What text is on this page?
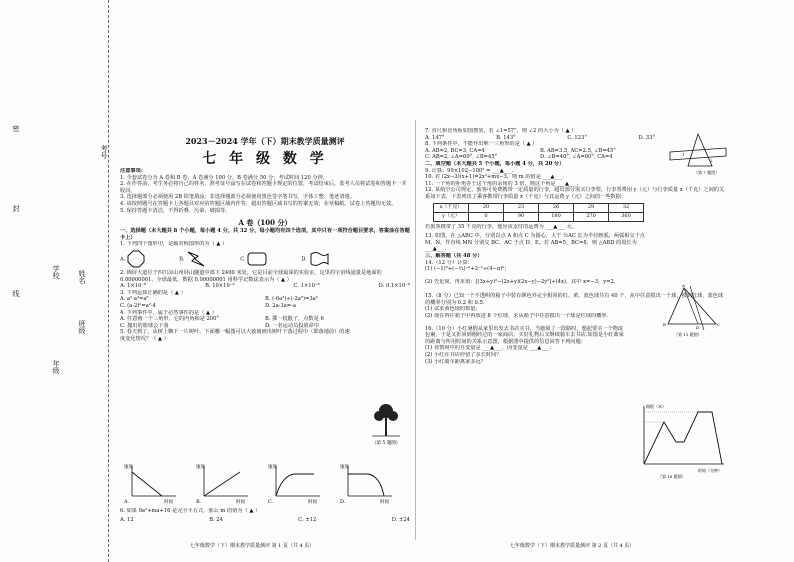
密
封
线
学校
年级
姓名
班级
考号
2023－2024 学年（下）期末教学质量测评
七 年 级 数 学
注意事项：
1. 全套试卷分为 A 卷和 B 卷，A 卷满分 100 分，B 卷满分 50 分；考试时间 120 分钟。
2. 在作答前，考生务必将自己的姓名、准考证号涂写在试卷和答题卡规定的位置，考试结束后，监考人员将试卷和答题卡一并收回。
3. 选择题部分必须使用 2B 铅笔填涂；非选择题部分必须使用黑色签字笔书写，字体工整、笔迹清楚。
4. 请按照题号在答题卡上各题目对应的答题区域内作答，超出答题区域书写的答案无效；在草稿纸、试卷上答题均无效。
5. 保持答题卡清洁，不得折叠、污染、破损等。
A 卷（100 分）
一、选择题（本大题共 8 个小题，每小题 4 分，共 32 分，每小题均有四个选项，其中只有一项符合题目要求，答案涂在答题卡上）
1. 下列四个图形中，是轴对称图形的为（ ▲ ）
A.	B.	C.	D.
2. 锦屏大道位于四川凉山州屏山隧道中部下 2400 米处，它是目前全球最深的实验室，这里的宇宙线通量是地面的 0.00000001，全球最低，数据 0.00000001 用科学记数法表示为（ ▲ ）
A. 1×10⁻⁸	B. 10×10⁻⁸	C. 1×10⁻⁸	D. 0.1×10⁻⁸
3. 下列运算正确的是（ ▲ ）
A. a²·a³=a⁶	B. (-6a³)÷(-2a²)=3a³
C. (a-2)²=a²-4	D. 2a-3a=-a
4. 下列事件中，属于必然事件的是（ ▲ ）
A. 任意画一个三角形，它的内角和是 200°	B. 掷一枚骰子，点数是 6
C. 抛出的篮球会下落	D. 一名运动员投篮命中
5. 春天到了，从树上飘下一片树叶，下面哪一幅图可以大致刻画出树叶下落过程中（即落地前）的速度变化情况？（ ▲ ）
（第 5 题图）
速度
时间
A.
速度
时间
B.
速度
时间
C.
速度
时间
D.
6. 如果 9a²+ma+16 是完全平方式，那么 m 的值为（ ▲ ）
A. 12	B. 24	C. ±12	D. ±24
七年级数学（下）期末教学质量测评 第 1 页（共 4 页）
7. 直尺和直角板如图摆放，若 ∠1=57°，则 ∠2 的大小为（ ▲ ）
A. 147°	B. 143°	C. 123°	D. 33°
8. 下列条件中，不能作出唯一三角形的是（ ▲ ）
A. AB=2, BC=3, CA=4	B. AB=3.5, AC=2.5, ∠B=45°
C. AB=2, ∠A=60°, ∠B=45°	D. ∠B=40°, ∠A=60°, CA=4
二、填空题（本大题共 5 个小题，每小题 4 分，共 20 分）
9. 计算：99×102−100² = ___▲___.
10. 若 (2x−3)(x+1)=2x²+mx−3，则 m 的值是 ___▲___.
11. 一个角的补角等于这个角的余角的 3 倍，则这个角是 ___▲___.
12. 某航空公司规定，旅客可免费携带一定质量的行李，超出部分需买行李票，行李票费用 y（元）与行李质量 x（千克）之间的关系如下表，下表列出了乘客携带行李质量 x（千克）与其运费 y（元）之间的一些数据：
x（千克）	20	23	26	29	32
y（元）	0	90	180	270	360
若旅客携带了 35 千克的行李，他应该支付的运费为 ___▲___ 元。
13. 如图，在 △ABC 中，分别以点 A 和点 C 为圆心，大于 ½AC 长为半径画弧，两弧相交于点 M、N，作直线 MN 分别交 BC、AC 于点 D、E，若 AB=5，BC=8，则 △ABD 的周长为 ___▲___.
三、解答题（共 48 分）
14.（12 分）计算：
(1) (−1)³+(−½)⁻²+2⁻¹÷(4−π)⁰；
(2) 先化简，再求值：[(3x+y)²−(2x+y)(2x−y)−2y²]÷(4x)，其中 x=−3，y=2.
15.（8 分）已知一个不透明的箱子中装有颜色外完全相同的红、黄、蓝色球共有 40 个，从中任意摸出一个球，摸到红球、蓝色球的概率分别为 0.2 和 0.5.
(1) 试求黄色球的数量；
(2) 现在再往箱子中再放进 8 个红球，求从箱子中任意摸出一个球是红球的概率.
16.（10 分）小红暑假从家里出发去书店买书，当她骑了一段路时，想起要买一个物流包裹，于是又折回到刚经过的一家商店，买好礼物后又继续骑车去书店.如图是小红离家的距离与所用时间的关系示意图，根据图中提供的信息回答下列问题：
(1) 该情境中的自变量是 ___▲___，因变量是 ___▲___；
(2) 小红在书店停留了多长时间？
(3) 小红骑车距离家多远？
1
2
（第 7 题图）
A
B	C
D
（第 13 题图）
路程（米）
时间（分钟）
（第 16 题图）
七年级数学（下）期末教学质量测评 第 2 页（共 4 页）
